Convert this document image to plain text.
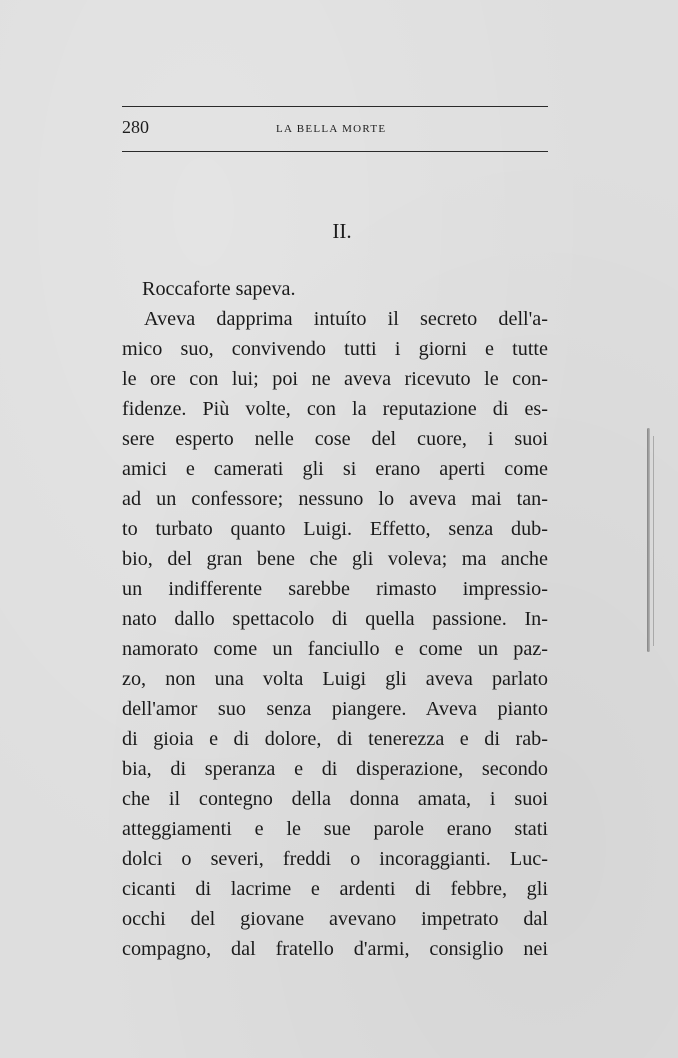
280	LA BELLA MORTE
II.
Roccaforte sapeva.
Aveva dapprima intuíto il secreto dell'a-
mico suo, convivendo tutti i giorni e tutte
le ore con lui; poi ne aveva ricevuto le con-
fidenze. Più volte, con la reputazione di es-
sere esperto nelle cose del cuore, i suoi
amici e camerati gli si erano aperti come
ad un confessore; nessuno lo aveva mai tan-
to turbato quanto Luigi. Effetto, senza dub-
bio, del gran bene che gli voleva; ma anche
un indifferente sarebbe rimasto impressio-
nato dallo spettacolo di quella passione. In-
namorato come un fanciullo e come un paz-
zo, non una volta Luigi gli aveva parlato
dell'amor suo senza piangere. Aveva pianto
di gioia e di dolore, di tenerezza e di rab-
bia, di speranza e di disperazione, secondo
che il contegno della donna amata, i suoi
atteggiamenti e le sue parole erano stati
dolci o severi, freddi o incoraggianti. Luc-
cicanti di lacrime e ardenti di febbre, gli
occhi del giovane avevano impetrato dal
compagno, dal fratello d'armi, consiglio nei
